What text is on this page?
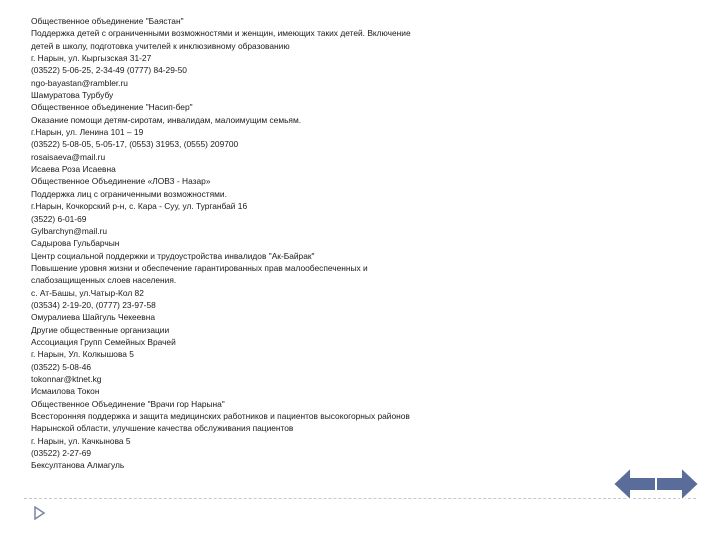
Общественное объединение "Баястан"
Поддержка детей с ограниченными возможностями и женщин, имеющих таких детей. Включение
детей в школу, подготовка учителей к инклюзивному образованию
г. Нарын, ул. Кыргызская 31-27
(03522) 5-06-25, 2-34-49 (0777) 84-29-50
ngo-bayastan@rambler.ru
Шамуратова Турбубу
Общественное объединение "Насип-бер"
Оказание помощи детям-сиротам, инвалидам, малоимущим семьям.
г.Нарын, ул. Ленина 101 – 19
(03522) 5-08-05, 5-05-17, (0553) 31953, (0555) 209700
rosaisaeva@mail.ru
Исаева Роза Исаевна
Общественное Объединение «ЛОВЗ - Назар»
Поддержка лиц с ограниченными возможностями.
г.Нарын, Кочкорский р-н, с. Кара - Суу, ул. Турганбай 16
(3522) 6-01-69
Gylbarchyn@mail.ru
Садырова Гульбарчын
Центр социальной поддержки и трудоустройства инвалидов "Ак-Байрак"
Повышение уровня жизни и обеспечение гарантированных прав малообеспеченных и
слабозащищенных слоев населения.
с. Ат-Башы, ул.Чатыр-Кол 82
(03534) 2-19-20, (0777) 23-97-58
Омуралиева Шайгуль Чекеевна
Другие общественные организации
Ассоциация Групп Семейных Врачей
г. Нарын, Ул. Колкышова 5
(03522) 5-08-46
tokonnar@ktnet.kg
Исмаилова Токон
Общественное Объединение "Врачи гор Нарына"
Всесторонняя поддержка и защита медицинских работников и пациентов высокогорных районов
Нарынской области, улучшение качества обслуживания пациентов
г. Нарын, ул. Качкынова 5
(03522) 2-27-69
Бексултанова Алмагуль
